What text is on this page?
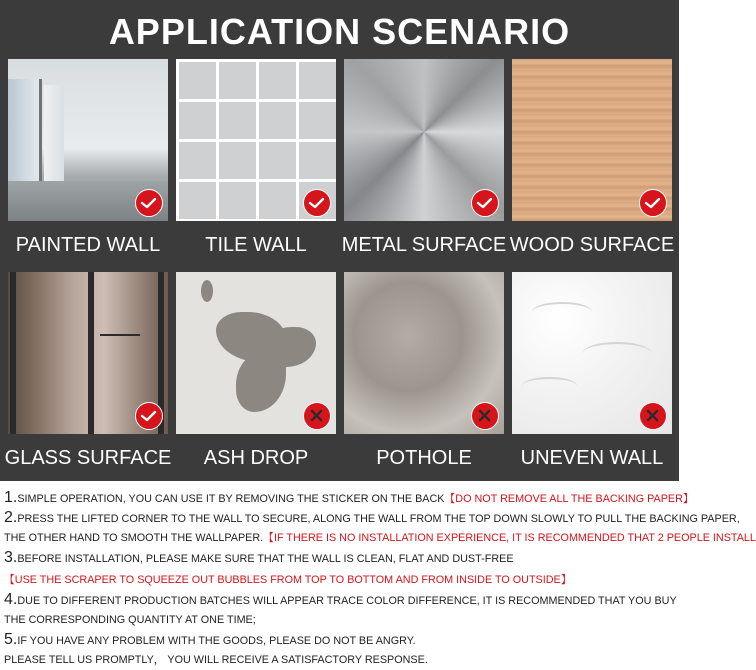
APPLICATION SCENARIO
PAINTED WALL	TILE WALL	METAL SURFACE WOOD SURFACE
GLASS SURFACE	ASH DROP	POTHOLE	UNEVEN WALL
1.SIMPLE OPERATION, YOU CAN USE IT BY REMOVING THE STICKER ON THE BACK【DO NOT REMOVE ALL THE BACKING PAPER】
2.PRESS THE LIFTED CORNER TO THE WALL TO SECURE, ALONG THE WALL FROM THE TOP DOWN SLOWLY TO PULL THE BACKING PAPER,
THE OTHER HAND TO SMOOTH THE WALLPAPER.【IF THERE IS NO INSTALLATION EXPERIENCE, IT IS RECOMMENDED THAT 2 PEOPLE INSTALL
3.BEFORE INSTALLATION, PLEASE MAKE SURE THAT THE WALL IS CLEAN, FLAT AND DUST-FREE
【USE THE SCRAPER TO SQUEEZE OUT BUBBLES FROM TOP TO BOTTOM AND FROM INSIDE TO OUTSIDE】
4.DUE TO DIFFERENT PRODUCTION BATCHES WILL APPEAR TRACE COLOR DIFFERENCE, IT IS RECOMMENDED THAT YOU BUY
THE CORRESPONDING QUANTITY AT ONE TIME;
5.IF YOU HAVE ANY PROBLEM WITH THE GOODS, PLEASE DO NOT BE ANGRY.
PLEASE TELL US PROMPTLY， YOU WILL RECEIVE A SATISFACTORY RESPONSE.
